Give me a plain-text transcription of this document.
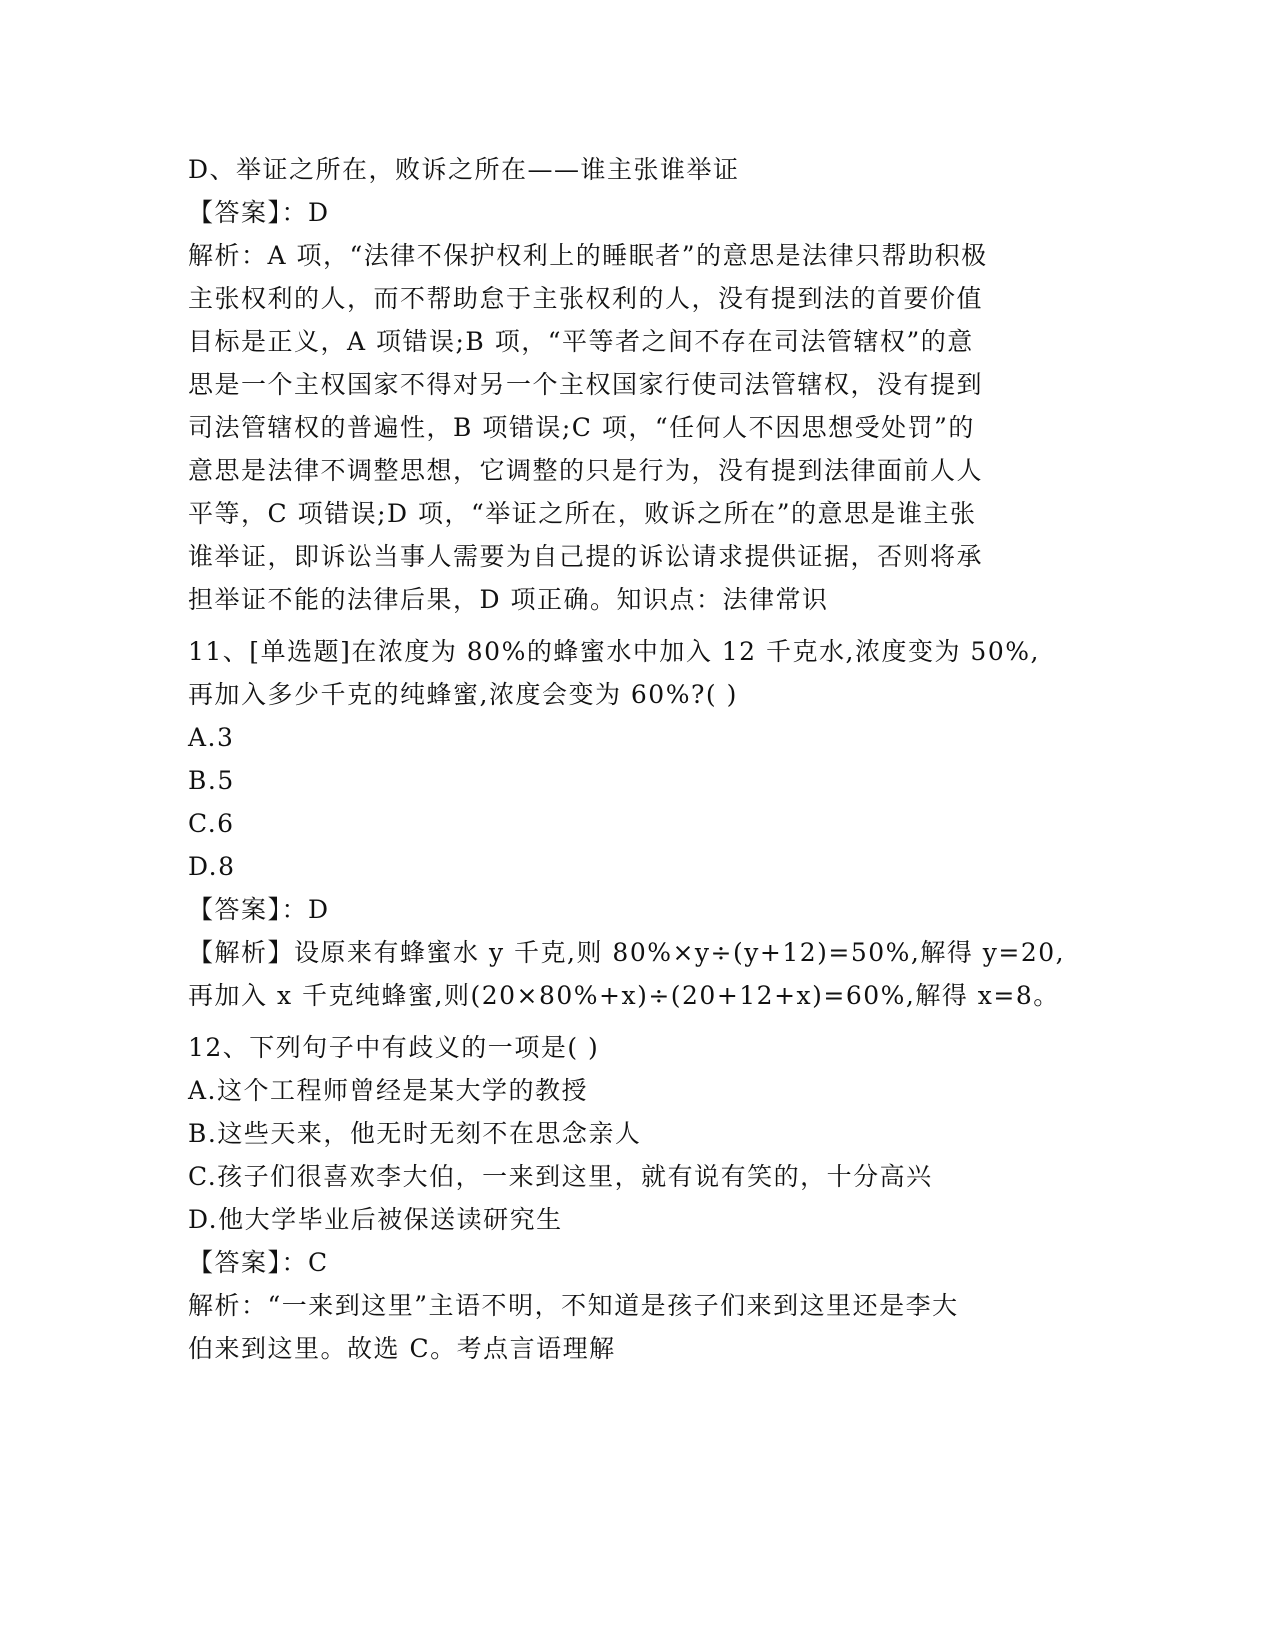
D、举证之所在，败诉之所在——谁主张谁举证
【答案】：D
解析：A 项，“法律不保护权利上的睡眠者”的意思是法律只帮助积极
主张权利的人，而不帮助怠于主张权利的人，没有提到法的首要价值
目标是正义，A 项错误;B 项，“平等者之间不存在司法管辖权”的意
思是一个主权国家不得对另一个主权国家行使司法管辖权，没有提到
司法管辖权的普遍性，B 项错误;C 项，“任何人不因思想受处罚”的
意思是法律不调整思想，它调整的只是行为，没有提到法律面前人人
平等，C 项错误;D 项，“举证之所在，败诉之所在”的意思是谁主张
谁举证，即诉讼当事人需要为自己提的诉讼请求提供证据，否则将承
担举证不能的法律后果，D 项正确。知识点：法律常识
11、[单选题]在浓度为 80%的蜂蜜水中加入 12 千克水,浓度变为 50%,
再加入多少千克的纯蜂蜜,浓度会变为 60%?( )
A.3
B.5
C.6
D.8
【答案】：D
【解析】设原来有蜂蜜水 y 千克,则 80%×y÷(y+12)=50%,解得 y=20,
再加入 x 千克纯蜂蜜,则(20×80%+x)÷(20+12+x)=60%,解得 x=8。
12、下列句子中有歧义的一项是( )
A.这个工程师曾经是某大学的教授
B.这些天来，他无时无刻不在思念亲人
C.孩子们很喜欢李大伯，一来到这里，就有说有笑的，十分高兴
D.他大学毕业后被保送读研究生
【答案】：C
解析：“一来到这里”主语不明，不知道是孩子们来到这里还是李大
伯来到这里。故选 C。考点言语理解
